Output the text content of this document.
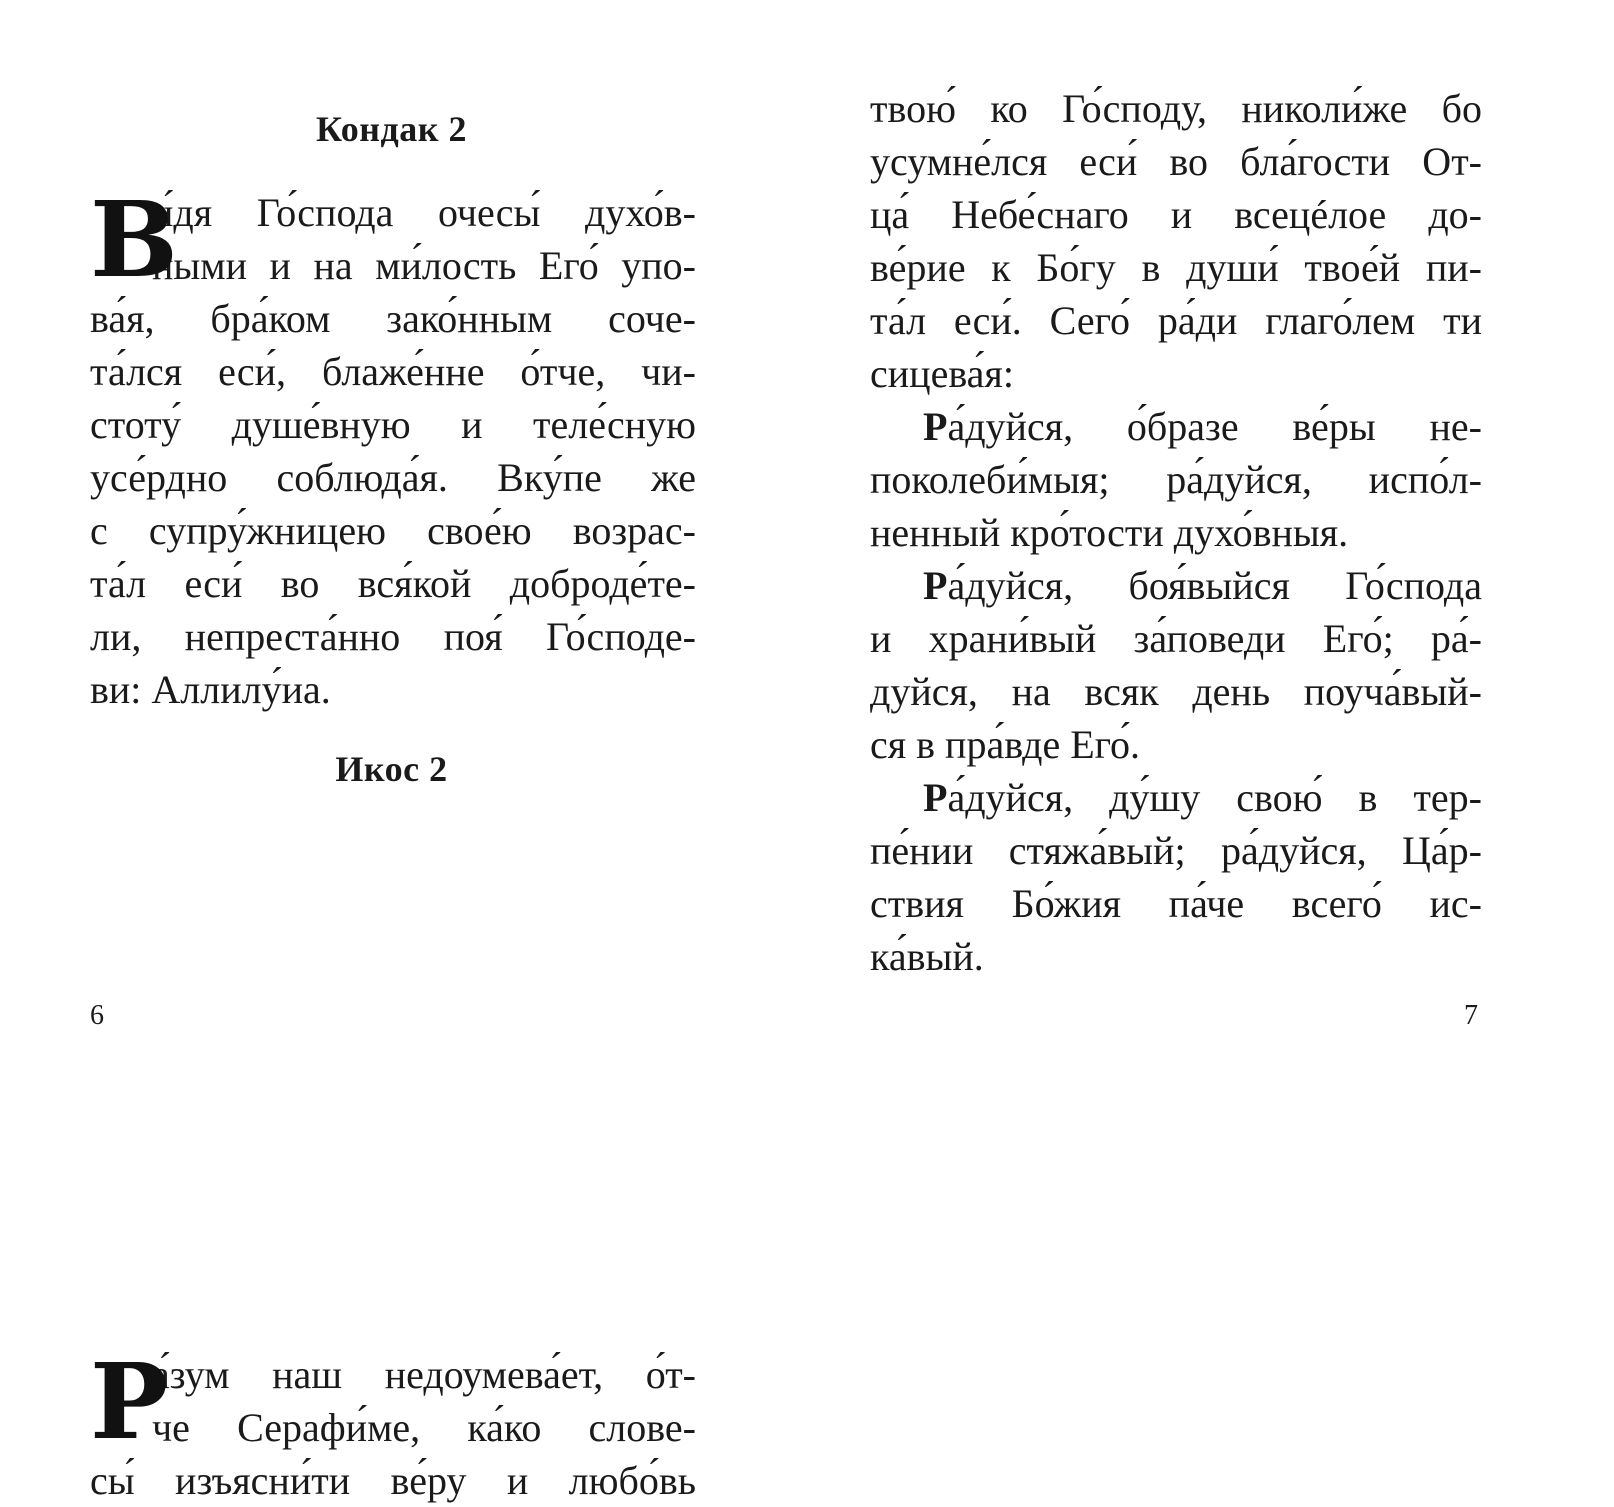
Кондак 2
В
и́дя Го́спода очесы́ духо́в-
ными и на ми́лость Его́ упо-
ва́я, бра́ком зако́нным соче-
та́лся еси́, блаже́нне о́тче, чи-
стоту́ душе́вную и теле́сную
усе́рдно соблюда́я. Вку́пе же
с супру́жницею свое́ю возрас-
та́л еси́ во вся́кой доброде́те-
ли, непреста́нно поя́ Го́споде-
ви: Аллилу́иа.
Икос 2
Р
а́зум наш недоумева́ет, о́т-
че Серафи́ме, ка́ко слове-
сы́ изъясни́ти ве́ру и любо́вь
6
твою́ ко Го́споду, николи́же бо
усумне́лся еси́ во бла́гости От-
ца́ Небе́снаго и всецéлое до-
ве́рие к Бо́гу в души́ твое́й пи-
та́л еси́. Сего́ ра́ди глаго́лем ти
сицева́я:
Ра́дуйся, о́бразе ве́ры не-
поколеби́мыя; ра́дуйся, испо́л-
ненный кро́тости духо́вныя.
Ра́дуйся, боя́выйся Го́спода
и храни́вый за́поведи Его́; ра́-
дуйся, на всяк день поуча́вый-
ся в пра́вде Его́.
Ра́дуйся, ду́шу свою́ в тер-
пе́нии стяжа́вый; ра́дуйся, Ца́р-
ствия Бо́жия па́че всего́ ис-
ка́вый.
7
